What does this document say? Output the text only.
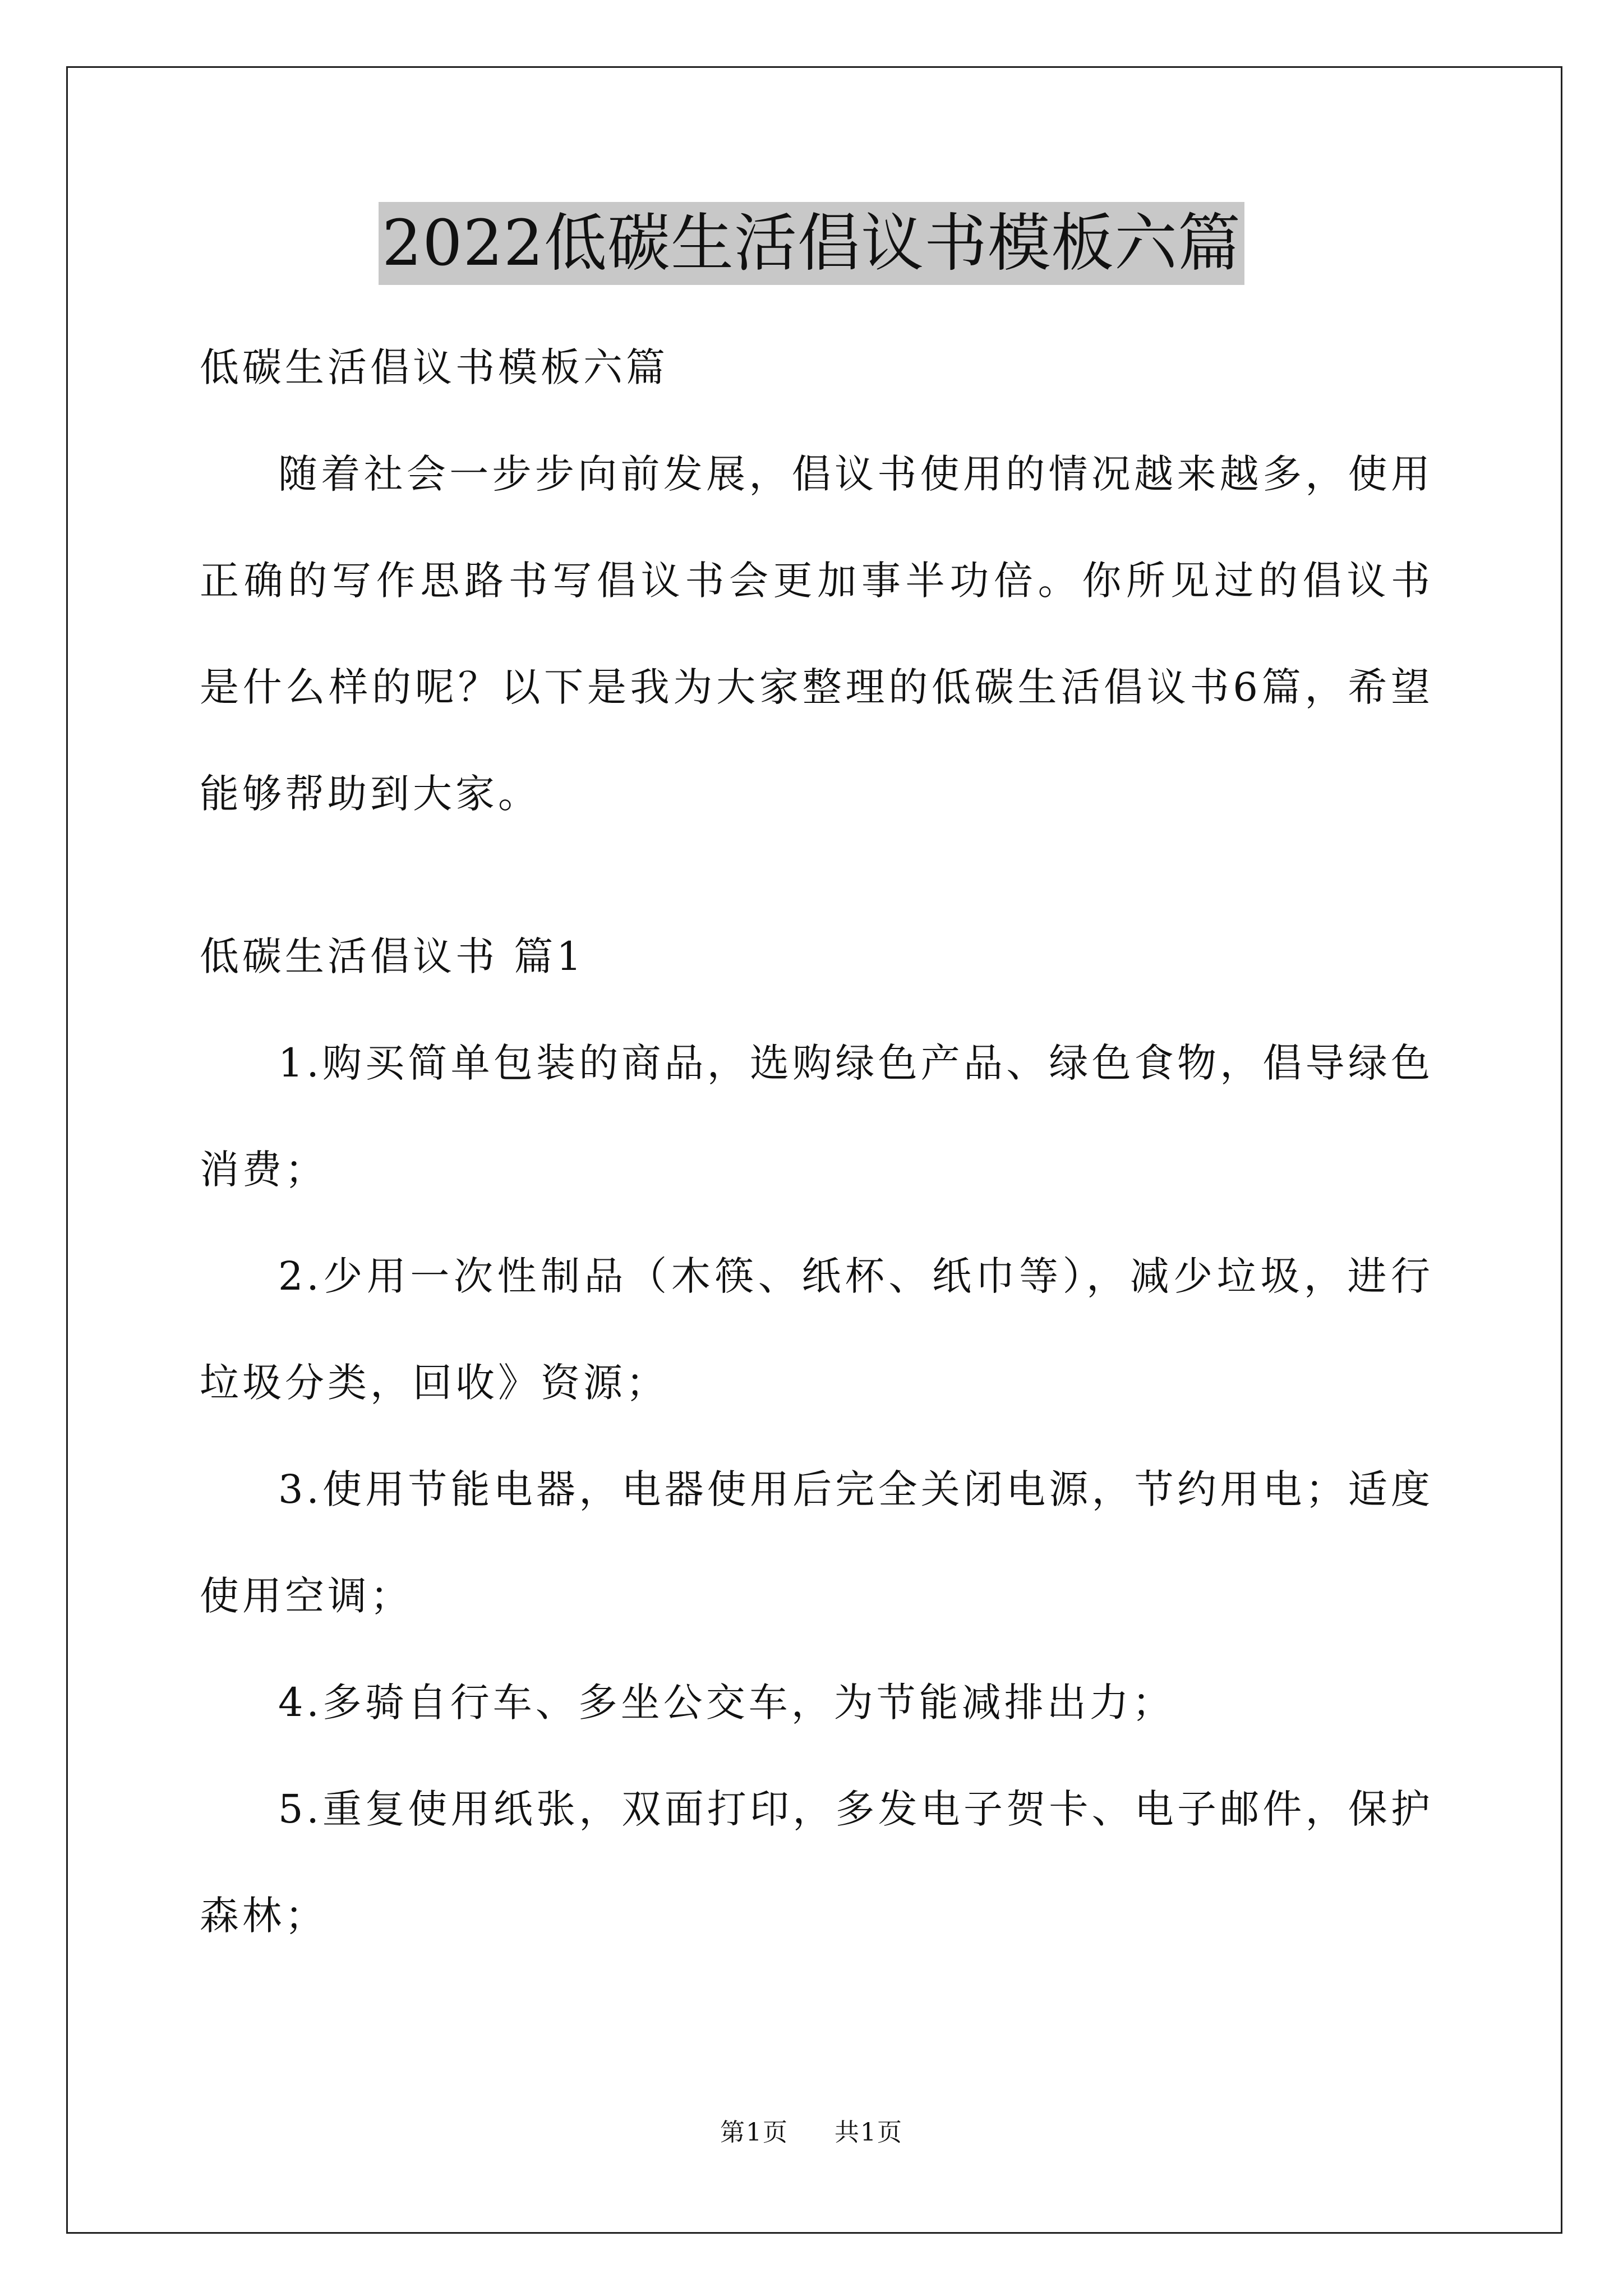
2022低碳生活倡议书模板六篇

低碳生活倡议书模板六篇

随着社会一步步向前发展，倡议书使用的情况越来越多，使用正确的写作思路书写倡议书会更加事半功倍。你所见过的倡议书是什么样的呢？以下是我为大家整理的低碳生活倡议书6篇，希望能够帮助到大家。

低碳生活倡议书 篇1

1.购买简单包装的商品，选购绿色产品、绿色食物，倡导绿色消费；

2.少用一次性制品（木筷、纸杯、纸巾等），减少垃圾，进行垃圾分类，回收》资源；

3.使用节能电器，电器使用后完全关闭电源，节约用电；适度使用空调；

4.多骑自行车、多坐公交车，为节能减排出力；

5.重复使用纸张，双面打印，多发电子贺卡、电子邮件，保护森林；

第1页 共1页
